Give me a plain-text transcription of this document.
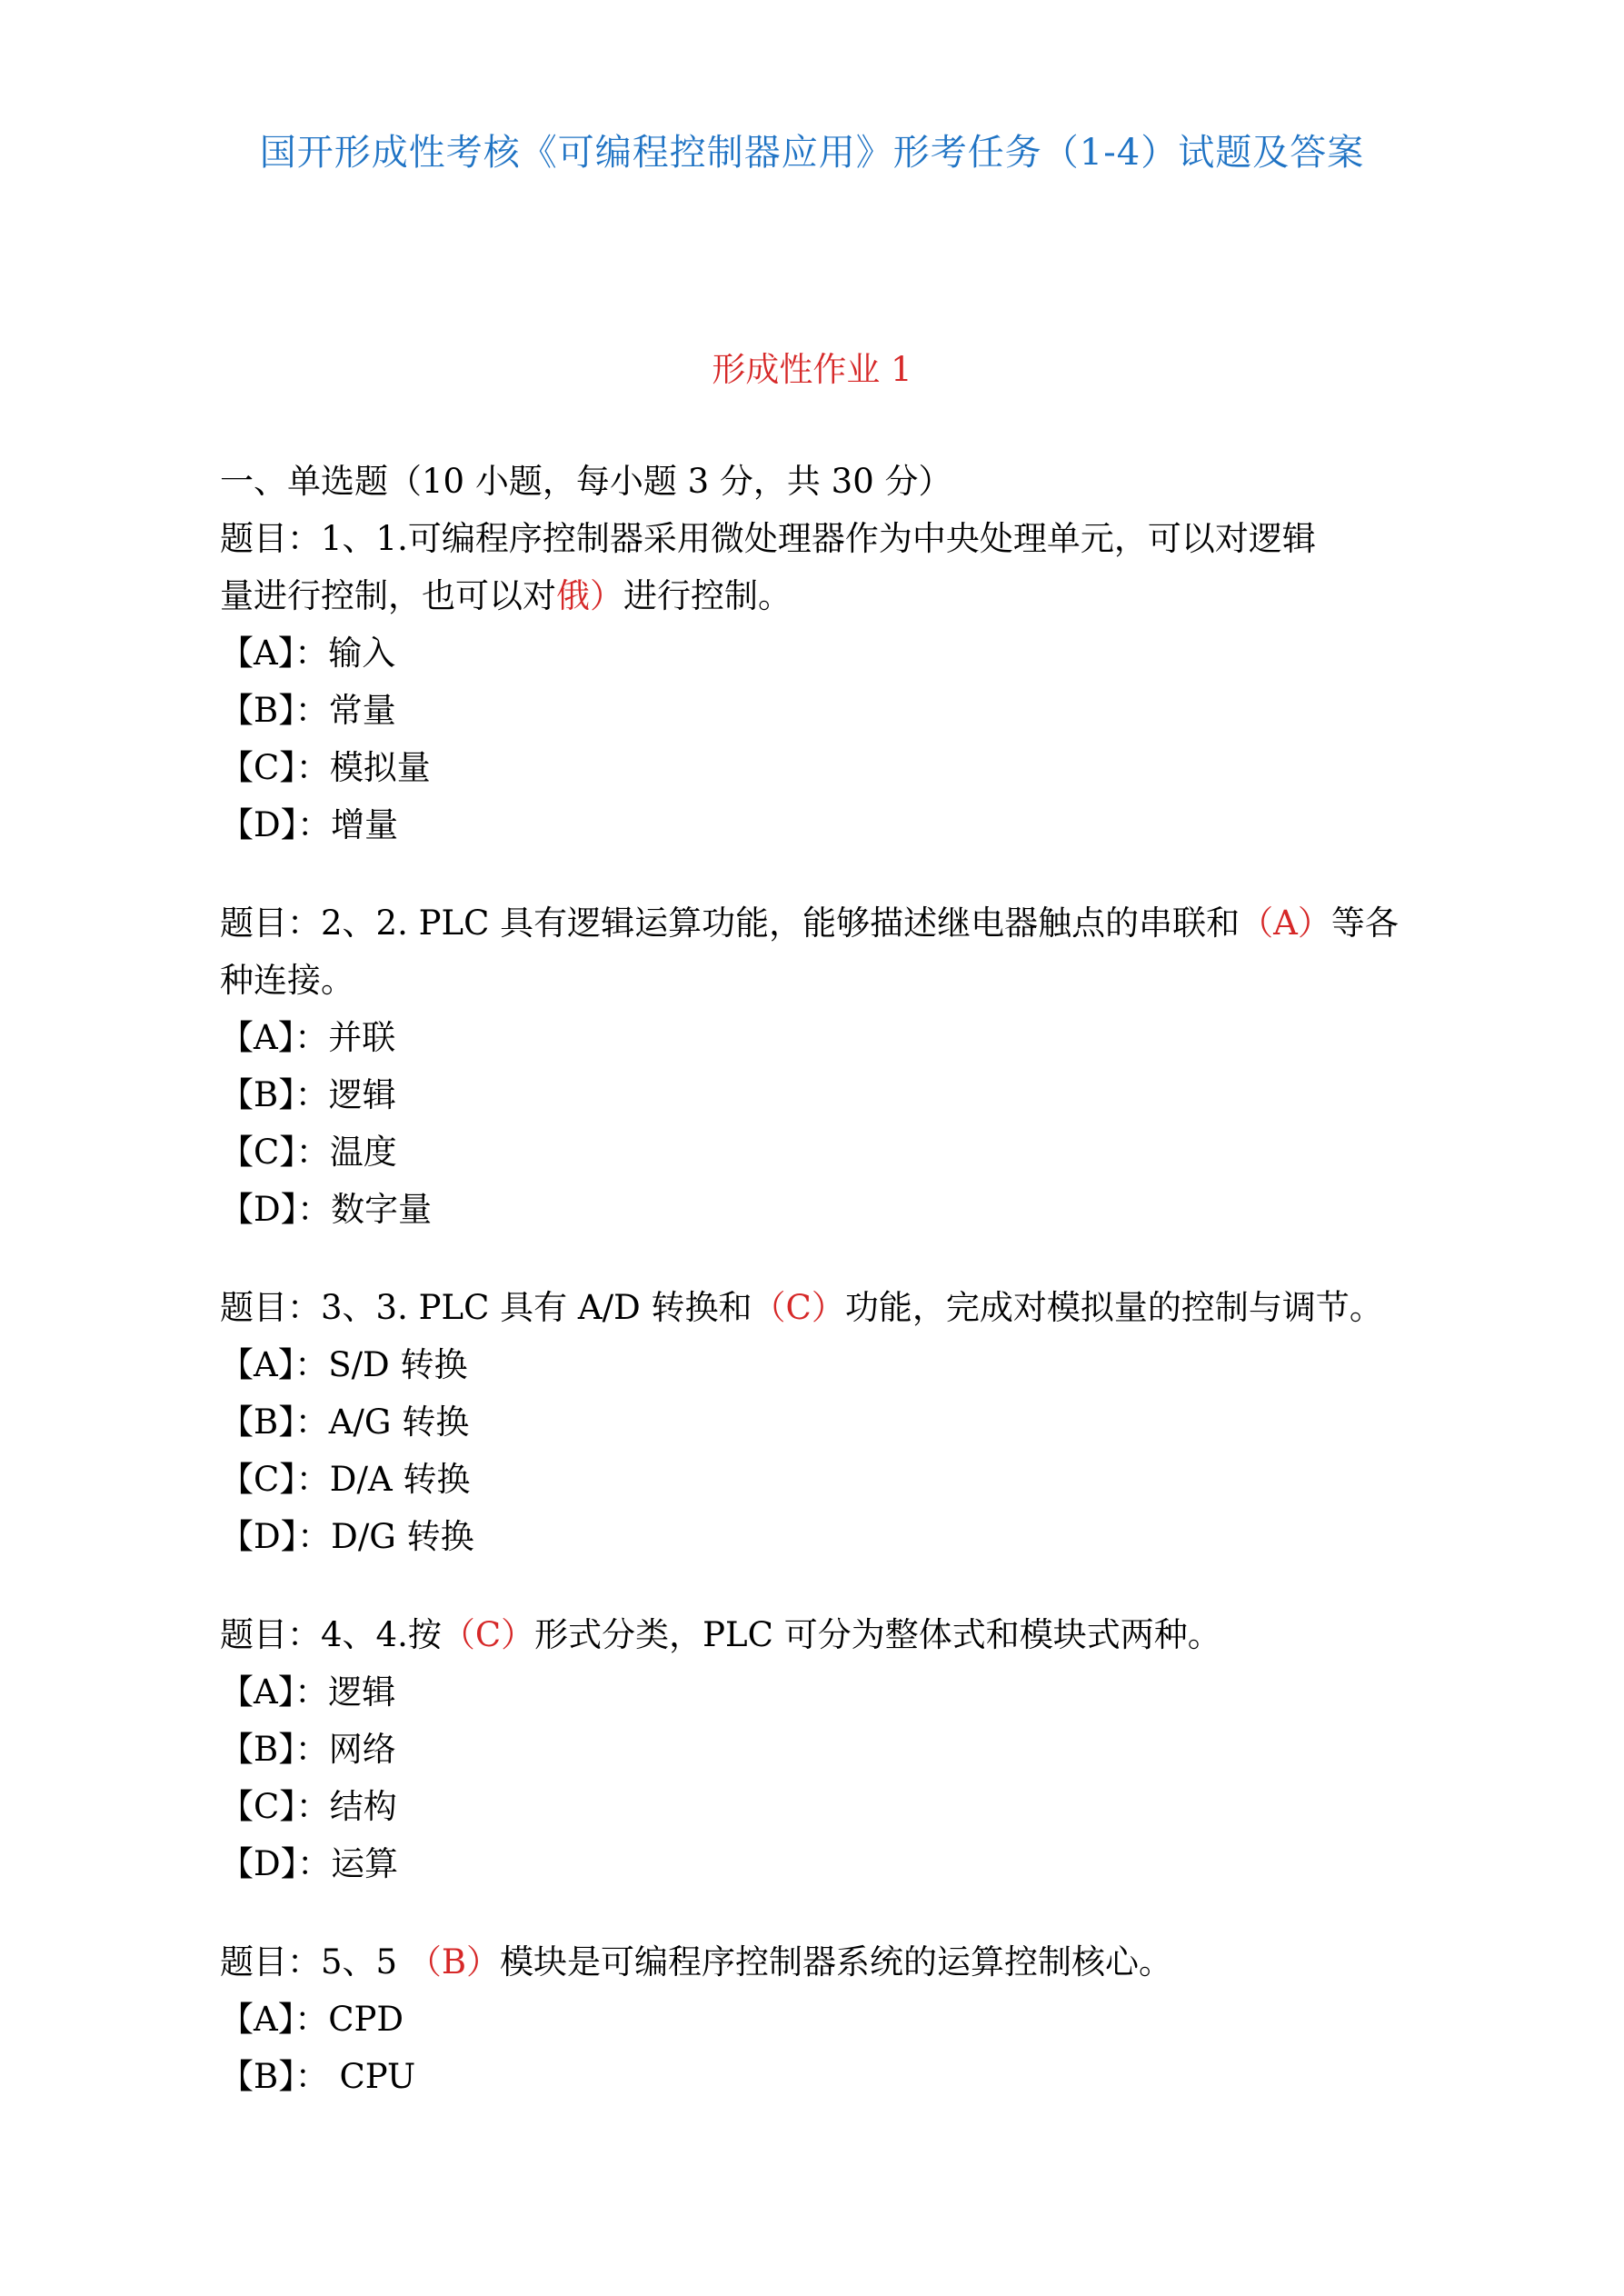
国开形成性考核《可编程控制器应用》形考任务（1-4）试题及答案
形成性作业 1
一、单选题（10 小题，每小题 3 分，共 30 分）
题目：1、1.可编程序控制器采用微处理器作为中央处理单元，可以对逻辑
量进行控制，也可以对俄）进行控制。
【A】：输入
【B】：常量
【C】：模拟量
【D】：增量
题目：2、2. PLC 具有逻辑运算功能，能够描述继电器触点的串联和（A）等各
种连接。
【A】：并联
【B】：逻辑
【C】：温度
【D】：数字量
题目：3、3. PLC 具有 A/D 转换和（C）功能，完成对模拟量的控制与调节。
【A】：S/D 转换
【B】：A/G 转换
【C】：D/A 转换
【D】：D/G 转换
题目：4、4.按（C）形式分类，PLC 可分为整体式和模块式两种。
【A】：逻辑
【B】：网络
【C】：结构
【D】：运算
题目：5、5 （B）模块是可编程序控制器系统的运算控制核心。
【A】：CPD
【B】： CPU
